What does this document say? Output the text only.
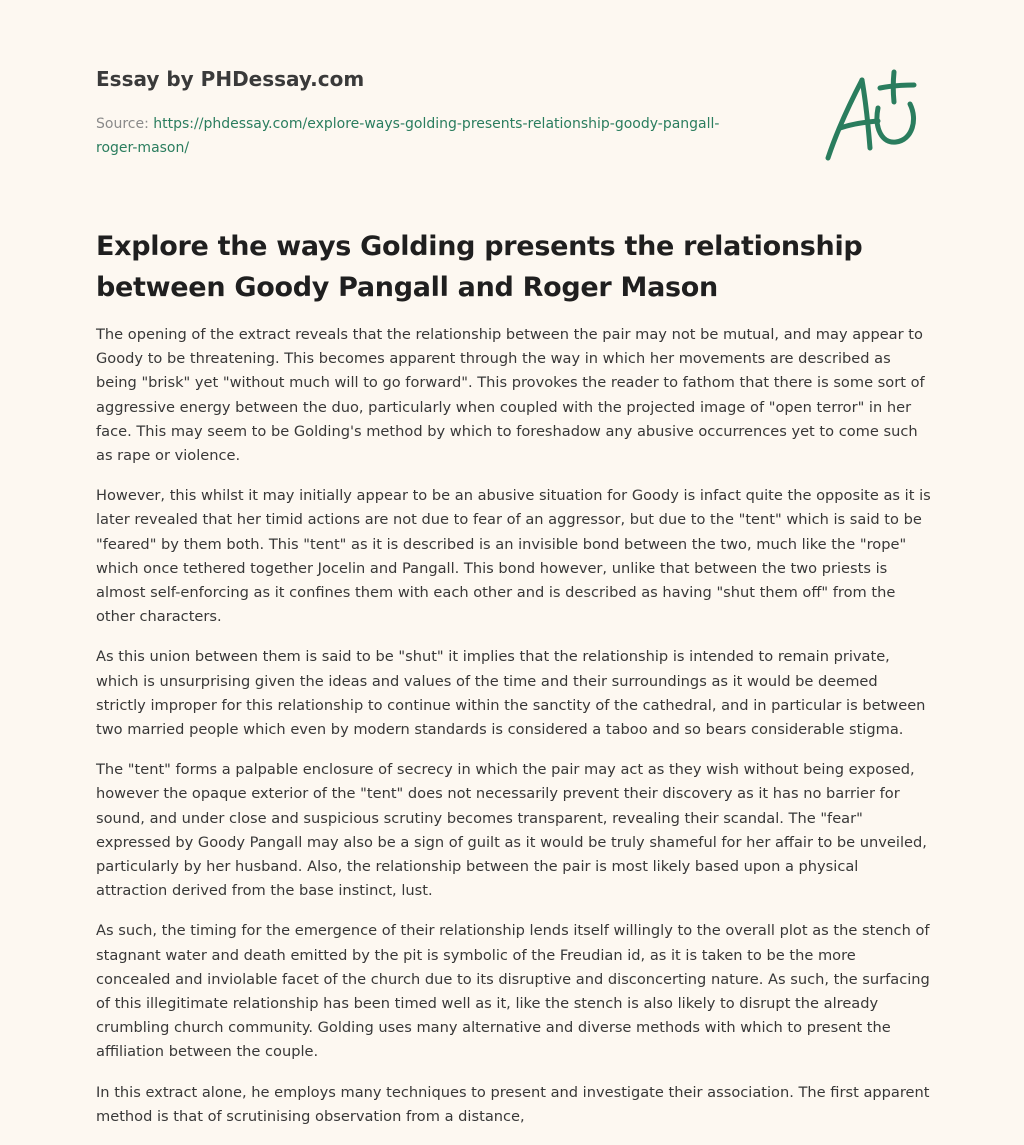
Essay by PHDessay.com
Source: https://phdessay.com/explore-ways-golding-presents-relationship-goody-pangall-roger-mason/
Explore the ways Golding presents the relationship between Goody Pangall and Roger Mason

The opening of the extract reveals that the relationship between the pair may not be mutual, and may appear to Goody to be threatening. This becomes apparent through the way in which her movements are described as being "brisk" yet "without much will to go forward". This provokes the reader to fathom that there is some sort of aggressive energy between the duo, particularly when coupled with the projected image of "open terror" in her face. This may seem to be Golding's method by which to foreshadow any abusive occurrences yet to come such as rape or violence.

However, this whilst it may initially appear to be an abusive situation for Goody is infact quite the opposite as it is later revealed that her timid actions are not due to fear of an aggressor, but due to the "tent" which is said to be "feared" by them both. This "tent" as it is described is an invisible bond between the two, much like the "rope" which once tethered together Jocelin and Pangall. This bond however, unlike that between the two priests is almost self-enforcing as it confines them with each other and is described as having "shut them off" from the other characters.

As this union between them is said to be "shut" it implies that the relationship is intended to remain private, which is unsurprising given the ideas and values of the time and their surroundings as it would be deemed strictly improper for this relationship to continue within the sanctity of the cathedral, and in particular is between two married people which even by modern standards is considered a taboo and so bears considerable stigma.

The "tent" forms a palpable enclosure of secrecy in which the pair may act as they wish without being exposed, however the opaque exterior of the "tent" does not necessarily prevent their discovery as it has no barrier for sound, and under close and suspicious scrutiny becomes transparent, revealing their scandal. The "fear" expressed by Goody Pangall may also be a sign of guilt as it would be truly shameful for her affair to be unveiled, particularly by her husband. Also, the relationship between the pair is most likely based upon a physical attraction derived from the base instinct, lust.

As such, the timing for the emergence of their relationship lends itself willingly to the overall plot as the stench of stagnant water and death emitted by the pit is symbolic of the Freudian id, as it is taken to be the more concealed and inviolable facet of the church due to its disruptive and disconcerting nature. As such, the surfacing of this illegitimate relationship has been timed well as it, like the stench is also likely to disrupt the already crumbling church community. Golding uses many alternative and diverse methods with which to present the affiliation between the couple.

In this extract alone, he employs many techniques to present and investigate their association. The first apparent method is that of scrutinising observation from a distance,
